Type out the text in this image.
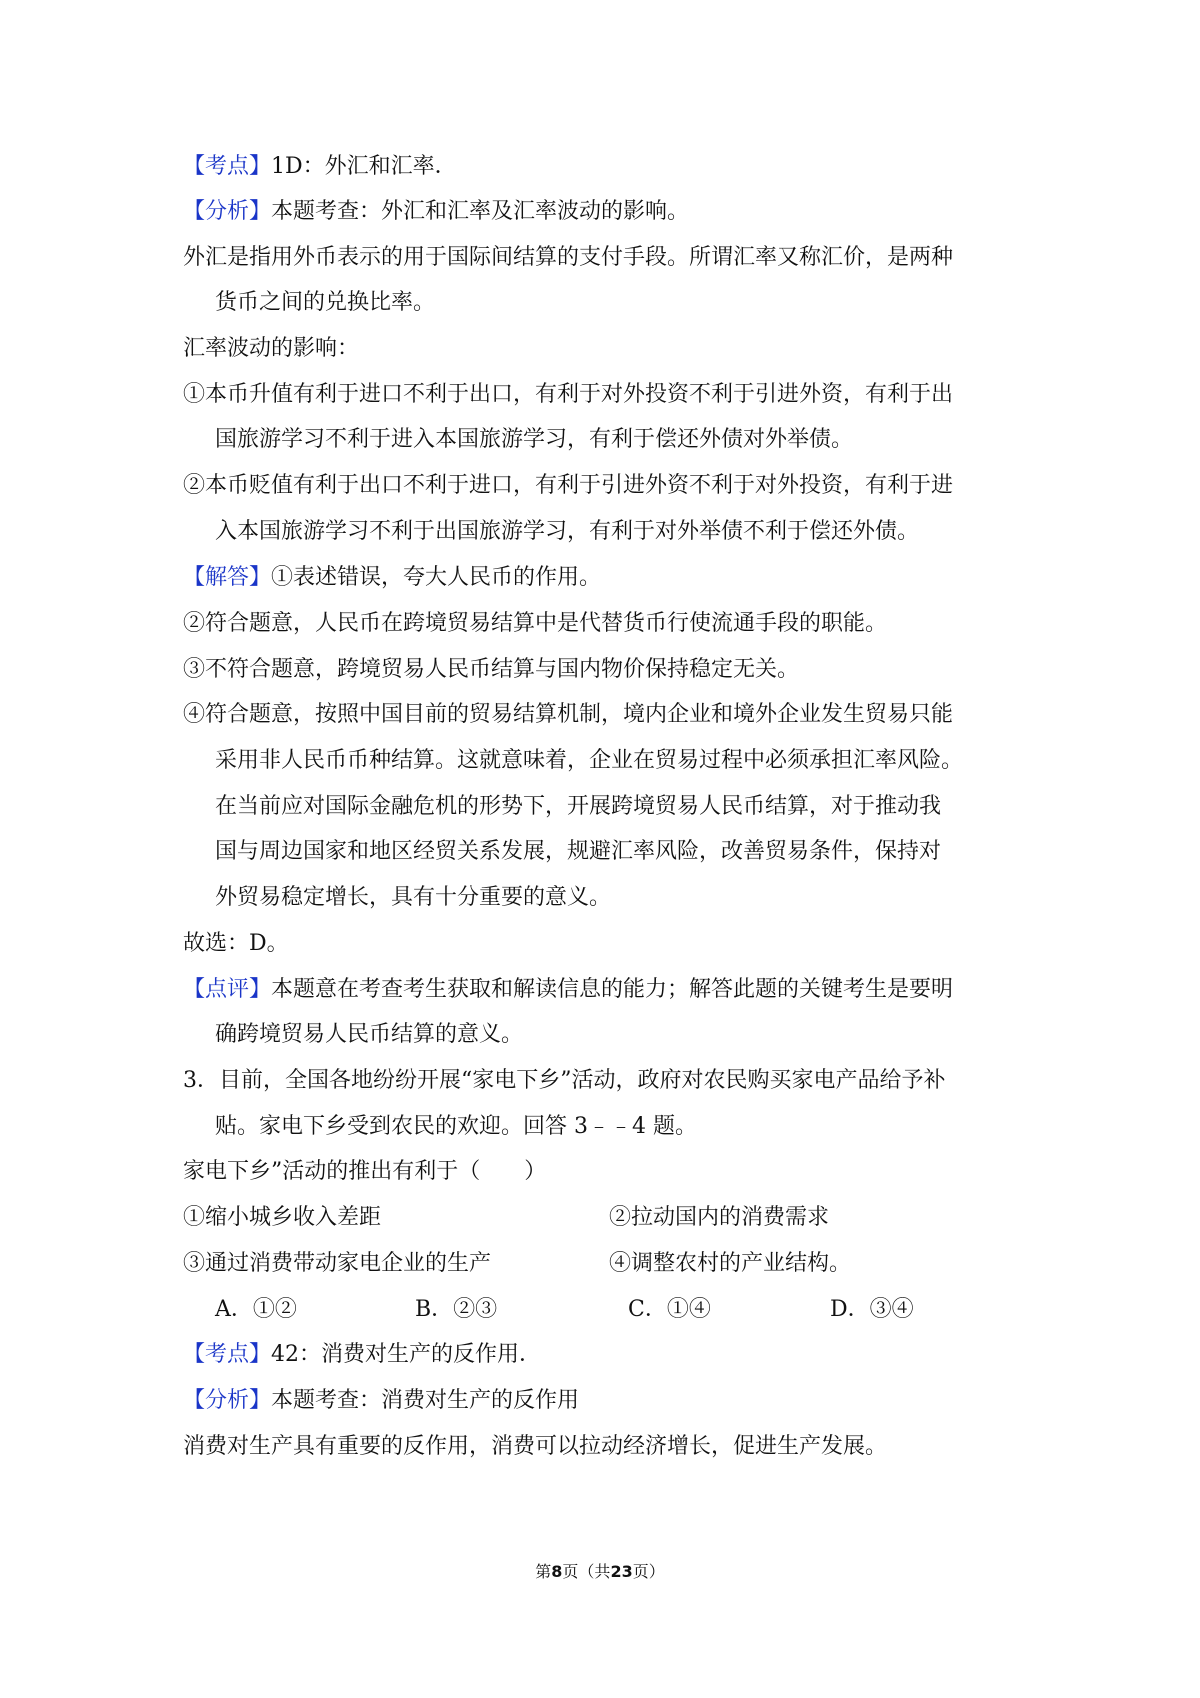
【考点】1D：外汇和汇率．
【分析】本题考查：外汇和汇率及汇率波动的影响。
外汇是指用外币表示的用于国际间结算的支付手段。所谓汇率又称汇价，是两种
货币之间的兑换比率。
汇率波动的影响：
①本币升值有利于进口不利于出口，有利于对外投资不利于引进外资，有利于出
国旅游学习不利于进入本国旅游学习，有利于偿还外债对外举债。
②本币贬值有利于出口不利于进口，有利于引进外资不利于对外投资，有利于进
入本国旅游学习不利于出国旅游学习，有利于对外举债不利于偿还外债。
【解答】①表述错误，夸大人民币的作用。
②符合题意，人民币在跨境贸易结算中是代替货币行使流通手段的职能。
③不符合题意，跨境贸易人民币结算与国内物价保持稳定无关。
④符合题意，按照中国目前的贸易结算机制，境内企业和境外企业发生贸易只能
采用非人民币币种结算。这就意味着，企业在贸易过程中必须承担汇率风险。
在当前应对国际金融危机的形势下，开展跨境贸易人民币结算，对于推动我
国与周边国家和地区经贸关系发展，规避汇率风险，改善贸易条件，保持对
外贸易稳定增长，具有十分重要的意义。
故选：D。
【点评】本题意在考查考生获取和解读信息的能力；解答此题的关键考生是要明
确跨境贸易人民币结算的意义。
3．目前，全国各地纷纷开展“家电下乡”活动，政府对农民购买家电产品给予补
贴。家电下乡受到农民的欢迎。回答 3﹣﹣4 题。
家电下乡”活动的推出有利于（　　）
①缩小城乡收入差距	②拉动国内的消费需求
③通过消费带动家电企业的生产	④调整农村的产业结构。
A．①②	B．②③	C．①④	D．③④
【考点】42：消费对生产的反作用．
【分析】本题考查：消费对生产的反作用
消费对生产具有重要的反作用，消费可以拉动经济增长，促进生产发展。
第8页（共23页）
